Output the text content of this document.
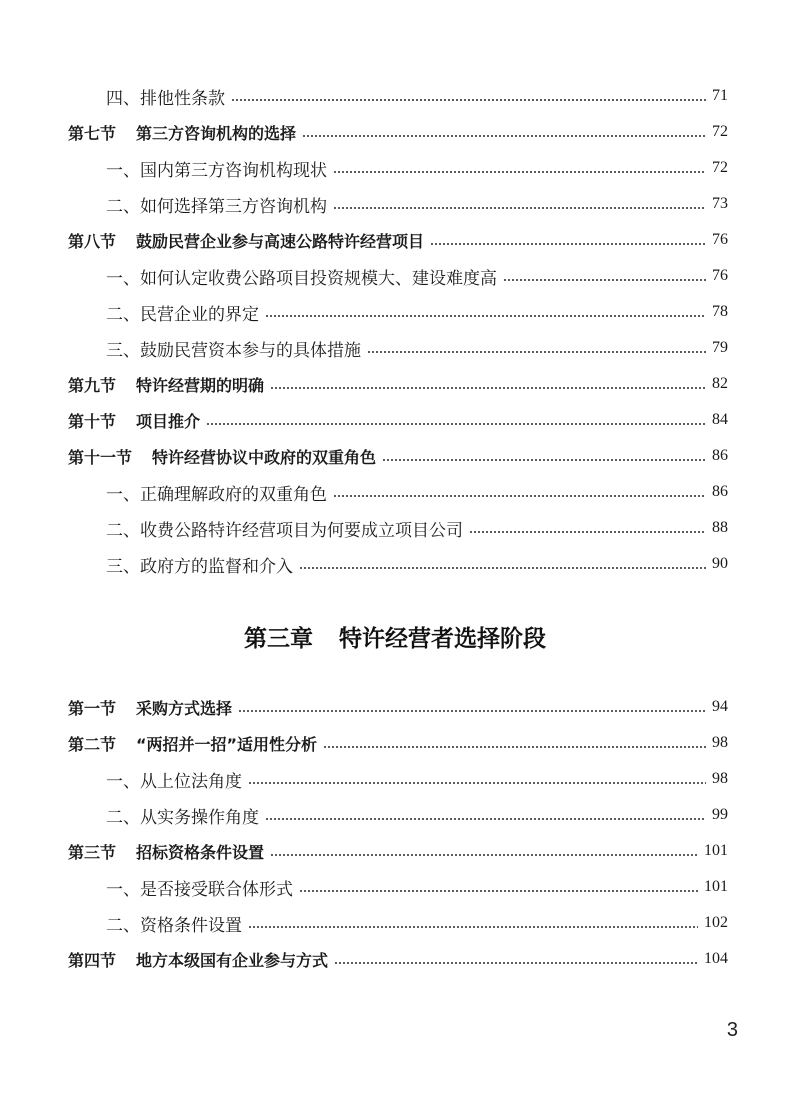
四、排他性条款	71
第七节 第三方咨询机构的选择	72
一、国内第三方咨询机构现状	72
二、如何选择第三方咨询机构	73
第八节 鼓励民营企业参与高速公路特许经营项目	76
一、如何认定收费公路项目投资规模大、建设难度高	76
二、民营企业的界定	78
三、鼓励民营资本参与的具体措施	79
第九节 特许经营期的明确	82
第十节 项目推介	84
第十一节 特许经营协议中政府的双重角色	86
一、正确理解政府的双重角色	86
二、收费公路特许经营项目为何要成立项目公司	88
三、政府方的监督和介入	90
第三章 特许经营者选择阶段
第一节 采购方式选择	94
第二节 “两招并一招”适用性分析	98
一、从上位法角度	98
二、从实务操作角度	99
第三节 招标资格条件设置	101
一、是否接受联合体形式	101
二、资格条件设置	102
第四节 地方本级国有企业参与方式	104
3
